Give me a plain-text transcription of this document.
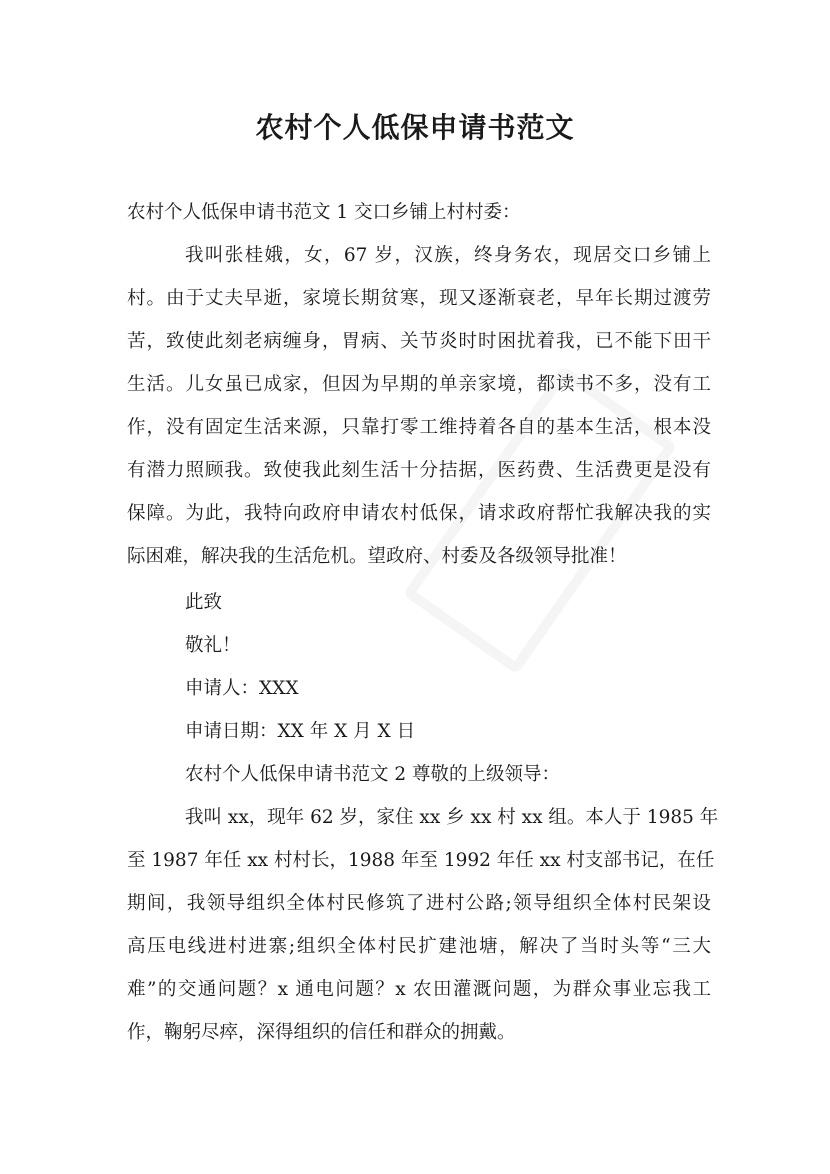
农村个人低保申请书范文
农村个人低保申请书范文 1 交口乡铺上村村委：
我叫张桂娥，女，67 岁，汉族，终身务农，现居交口乡铺上
村。由于丈夫早逝，家境长期贫寒，现又逐渐衰老，早年长期过渡劳
苦，致使此刻老病缠身，胃病、关节炎时时困扰着我，已不能下田干
生活。儿女虽已成家，但因为早期的单亲家境，都读书不多，没有工
作，没有固定生活来源，只靠打零工维持着各自的基本生活，根本没
有潜力照顾我。致使我此刻生活十分拮据，医药费、生活费更是没有
保障。为此，我特向政府申请农村低保，请求政府帮忙我解决我的实
际困难，解决我的生活危机。望政府、村委及各级领导批准！
此致
敬礼！
申请人：XXX
申请日期：XX 年 X 月 X 日
农村个人低保申请书范文 2 尊敬的上级领导：
我叫 xx，现年 62 岁，家住 xx 乡 xx 村 xx 组。本人于 1985 年
至 1987 年任 xx 村村长，1988 年至 1992 年任 xx 村支部书记，在任
期间，我领导组织全体村民修筑了进村公路;领导组织全体村民架设
高压电线进村进寨;组织全体村民扩建池塘，解决了当时头等“三大
难”的交通问题？x 通电问题？x 农田灌溉问题，为群众事业忘我工
作，鞠躬尽瘁，深得组织的信任和群众的拥戴。
